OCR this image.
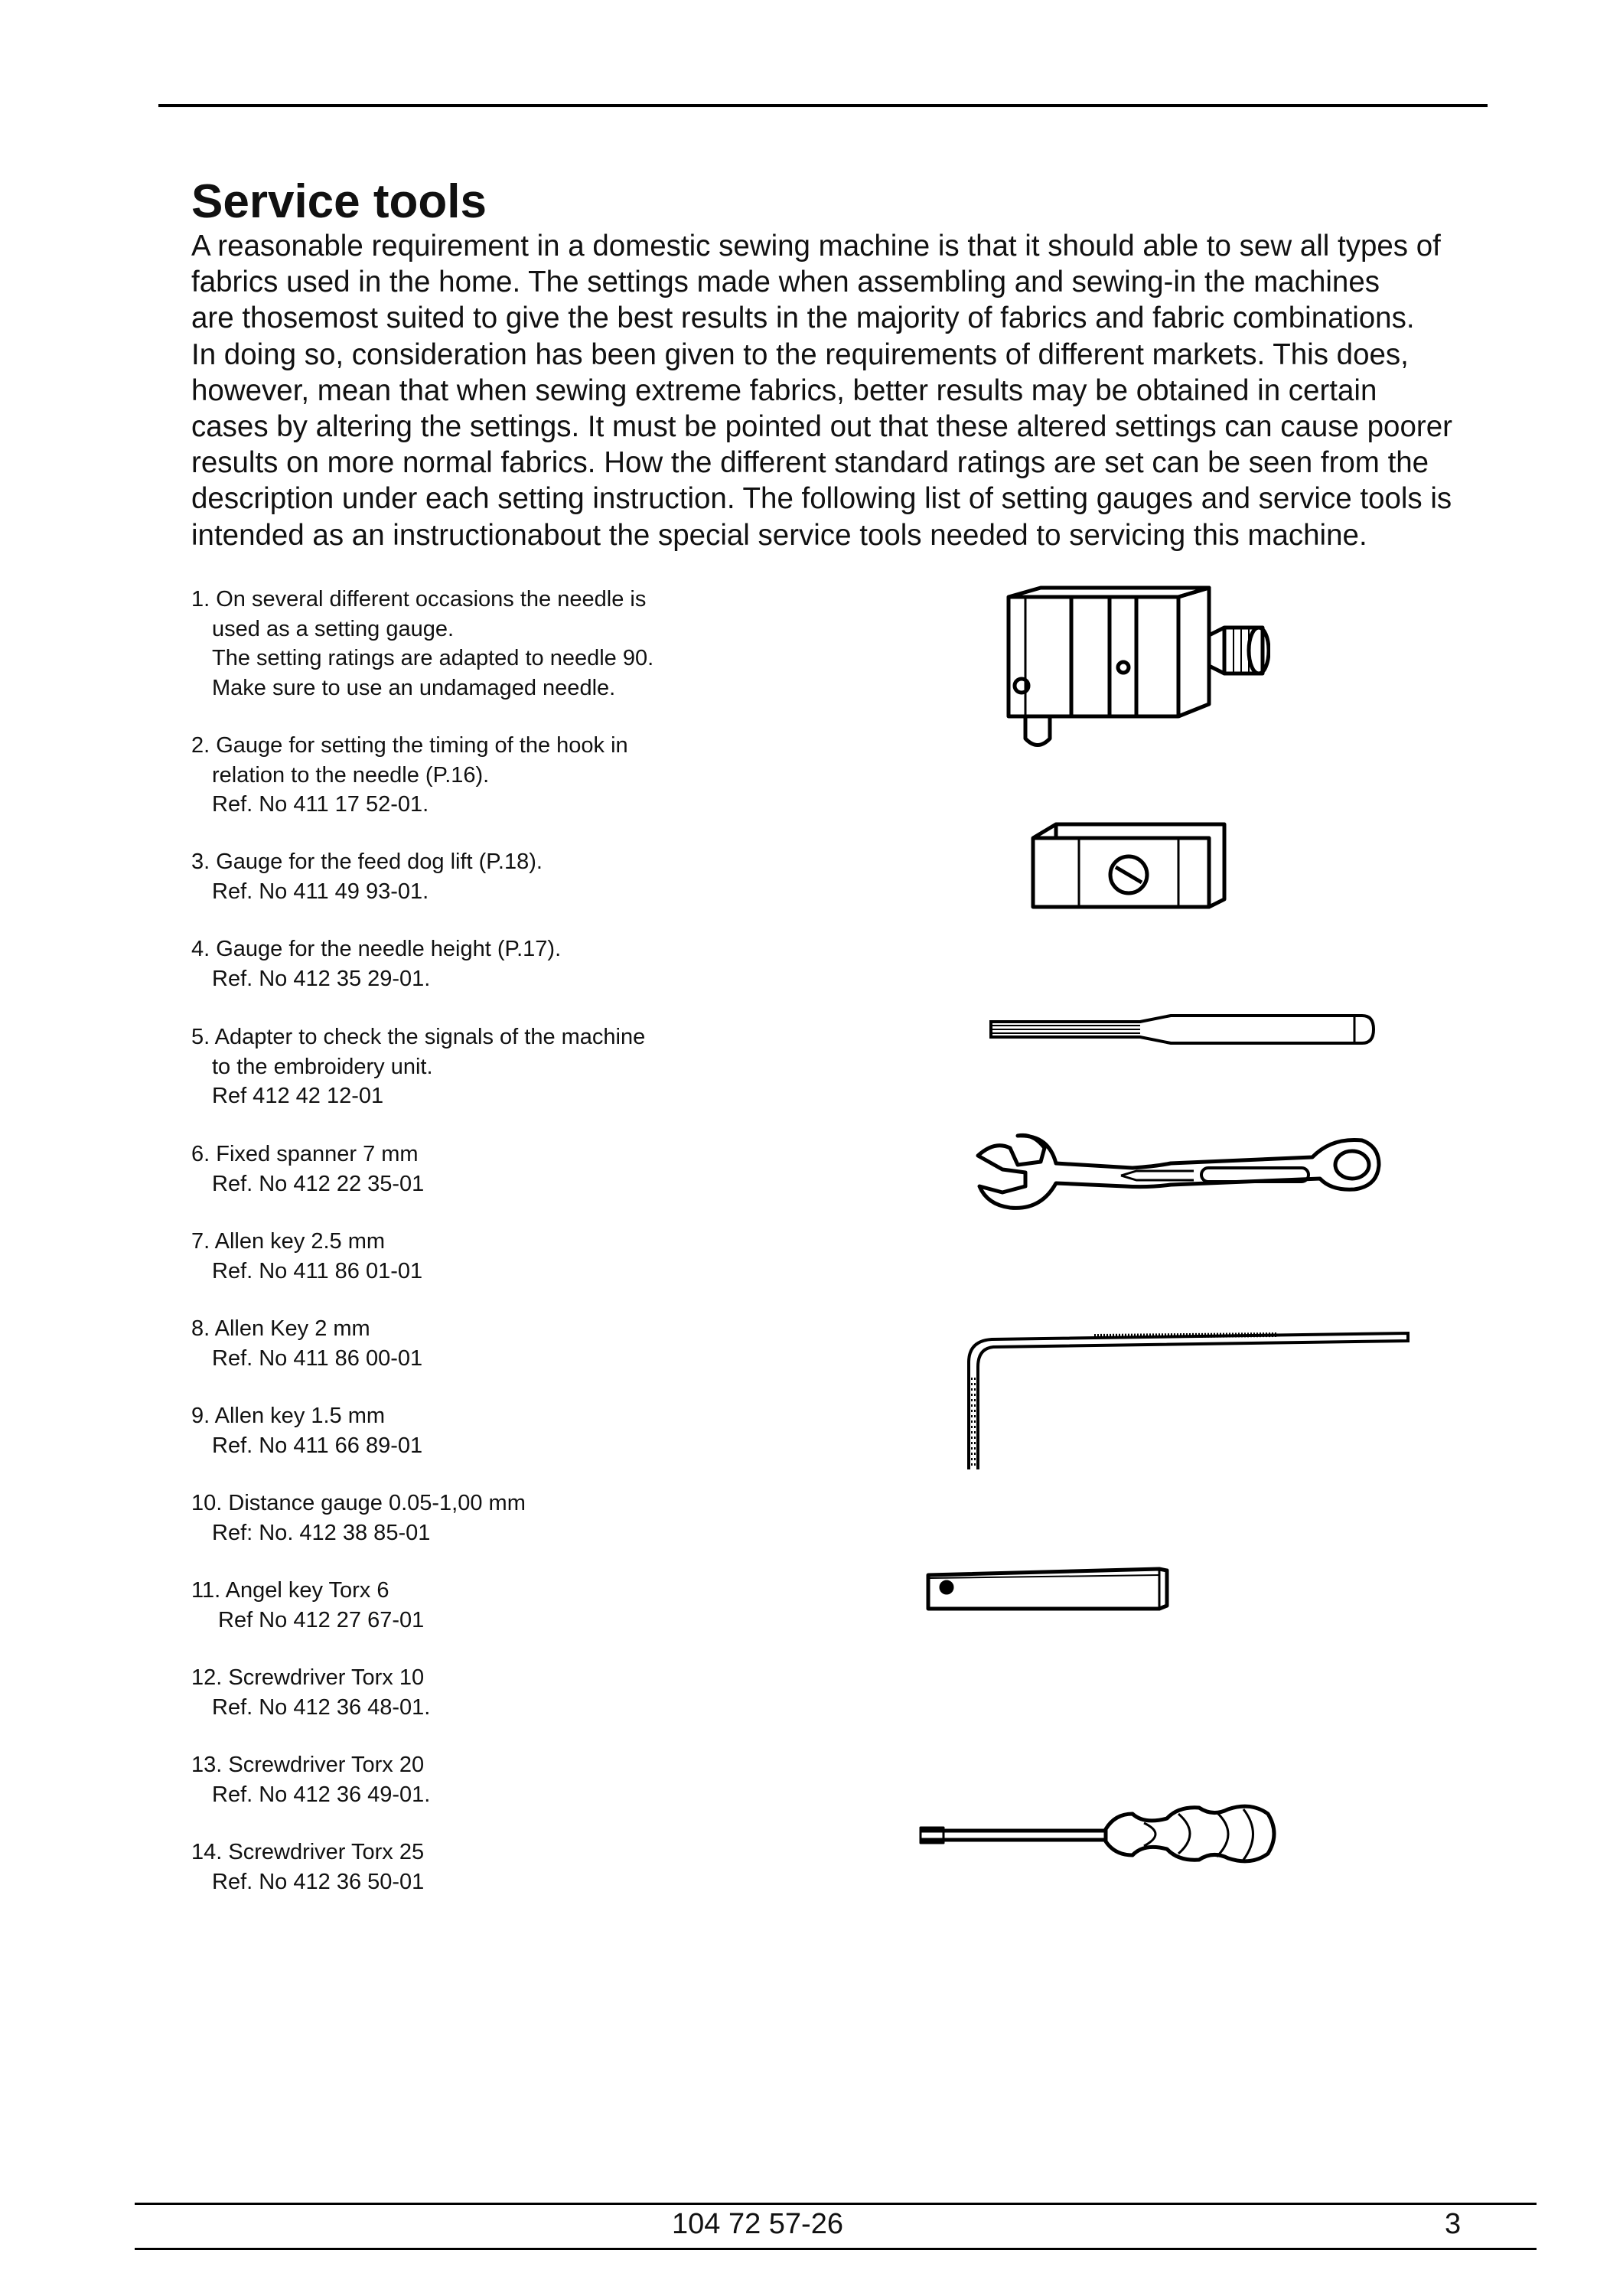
Service tools
A reasonable requirement in a domestic sewing machine is that it should able to sew all types of
fabrics used in the home. The settings made when assembling and sewing-in the machines
are thosemost suited to give the best results in the majority of fabrics and fabric combinations.
In doing so, consideration has been given to the requirements of different markets. This does,
however, mean that when sewing extreme fabrics, better results may be obtained in certain
cases by altering the settings. It must be pointed out that these altered settings can cause poorer
results on more normal fabrics. How the different standard ratings are set can be seen from the
description under each setting instruction. The following list of setting gauges and service tools is
intended as an instructionabout the special service tools needed to servicing this machine.
1. On several different occasions the needle is
used as a setting gauge.
The setting ratings are adapted to needle 90.
Make sure to use an undamaged needle.
2. Gauge for setting the timing of the hook in
relation to the needle (P.16).
Ref. No 411 17 52-01.
3. Gauge for the feed dog lift (P.18).
Ref. No 411 49 93-01.
4. Gauge for the needle height (P.17).
Ref. No 412 35 29-01.
5. Adapter to check the signals of the machine
to the embroidery unit.
Ref 412 42 12-01
6. Fixed spanner 7 mm
Ref. No 412 22 35-01
7. Allen key 2.5 mm
Ref. No 411 86 01-01
8. Allen Key 2 mm
Ref. No 411 86 00-01
9. Allen key 1.5 mm
Ref. No 411 66 89-01
10. Distance gauge 0.05-1,00 mm
Ref: No. 412 38 85-01
11. Angel key Torx 6
Ref No 412 27 67-01
12. Screwdriver Torx 10
Ref. No 412 36 48-01.
13. Screwdriver Torx 20
Ref. No 412 36 49-01.
14. Screwdriver Torx 25
Ref. No 412 36 50-01
104 72 57-26	3
